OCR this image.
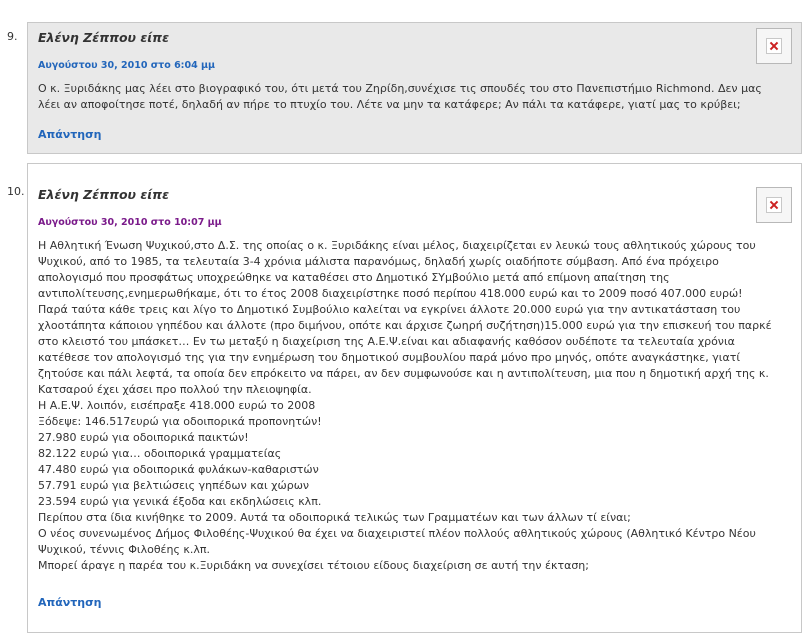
9. Ελένη Ζέππου είπε
Αυγούστου 30, 2010 στο 6:04 μμ

Ο κ. Ξυριδάκης μας λέει στο βιογραφικό του, ότι μετά του Ζηρίδη,συνέχισε τις σπουδές του στο Πανεπιστήμιο Richmond. Δεν μας λέει αν αποφοίτησε ποτέ, δηλαδή αν πήρε το πτυχίο του. Λέτε να μην τα κατάφερε; Αν πάλι τα κατάφερε, γιατί μας το κρύβει;

Απάντηση
10. Ελένη Ζέππου είπε
Αυγούστου 30, 2010 στο 10:07 μμ

Η Αθλητική Ένωση Ψυχικού,στο Δ.Σ. της οποίας ο κ. Ξυριδάκης είναι μέλος, διαχειρίζεται εν λευκώ τους αθλητικούς χώρους του Ψυχικού, από το 1985, τα τελευταία 3-4 χρόνια μάλιστα παρανόμως, δηλαδή χωρίς οιαδήποτε σύμβαση. Από ένα πρόχειρο απολογισμό που προσφάτως υποχρεώθηκε να καταθέσει στο Δημοτικό ΣΥμβούλιο μετά από επίμονη απαίτηση της αντιπολίτευσης,ενημερωθήκαμε, ότι το έτος 2008 διαχειρίστηκε ποσό περίπου 418.000 ευρώ και το 2009 ποσό 407.000 ευρώ!

Παρά ταύτα κάθε τρεις και λίγο το Δημοτικό Συμβούλιο καλείται να εγκρίνει άλλοτε 20.000 ευρώ για την αντικατάσταση του χλοοτάπητα κάποιου γηπέδου και άλλοτε (προ διμήνου, οπότε και άρχισε ζωηρή συζήτηση)15.000 ευρώ για την επισκευή του παρκέ στο κλειστό του μπάσκετ… Εν τω μεταξύ η διαχείριση της Α.Ε.Ψ.είναι και αδιαφανής καθόσον ουδέποτε τα τελευταία χρόνια κατέθεσε τον απολογισμό της για την ενημέρωση του δημοτικού συμβουλίου παρά μόνο προ μηνός, οπότε αναγκάστηκε, γιατί ζητούσε και πάλι λεφτά, τα οποία δεν επρόκειτο να πάρει, αν δεν συμφωνούσε και η αντιπολίτευση, μια που η δημοτική αρχή της κ. Κατσαρού έχει χάσει προ πολλού την πλειοψηφία.

Η Α.Ε.Ψ. λοιπόν, εισέπραξε 418.000 ευρώ το 2008

Ξόδεψε: 146.517ευρώ για οδοιπορικά προπονητών!

27.980 ευρώ για οδοιπορικά παικτών!

82.122 ευρώ για… οδοιπορικά γραμματείας

47.480 ευρώ για οδοιπορικά φυλάκων-καθαριστών

57.791 ευρώ για βελτιώσεις γηπέδων και χώρων

23.594 ευρώ για γενικά έξοδα και εκδηλώσεις κλπ.

Περίπου στα ίδια κινήθηκε το 2009. Αυτά τα οδοιπορικά τελικώς των Γραμματέων και των άλλων τί είναι;

Ο νέος συνενωμένος Δήμος Φιλοθέης-Ψυχικού θα έχει να διαχειριστεί πλέον πολλούς αθλητικούς χώρους (Αθλητικό Κέντρο Νέου Ψυχικού, τέννις Φιλοθέης κ.λπ.

Μπορεί άραγε η παρέα του κ.Ξυριδάκη να συνεχίσει τέτοιου είδους διαχείριση σε αυτή την έκταση;

Απάντηση
